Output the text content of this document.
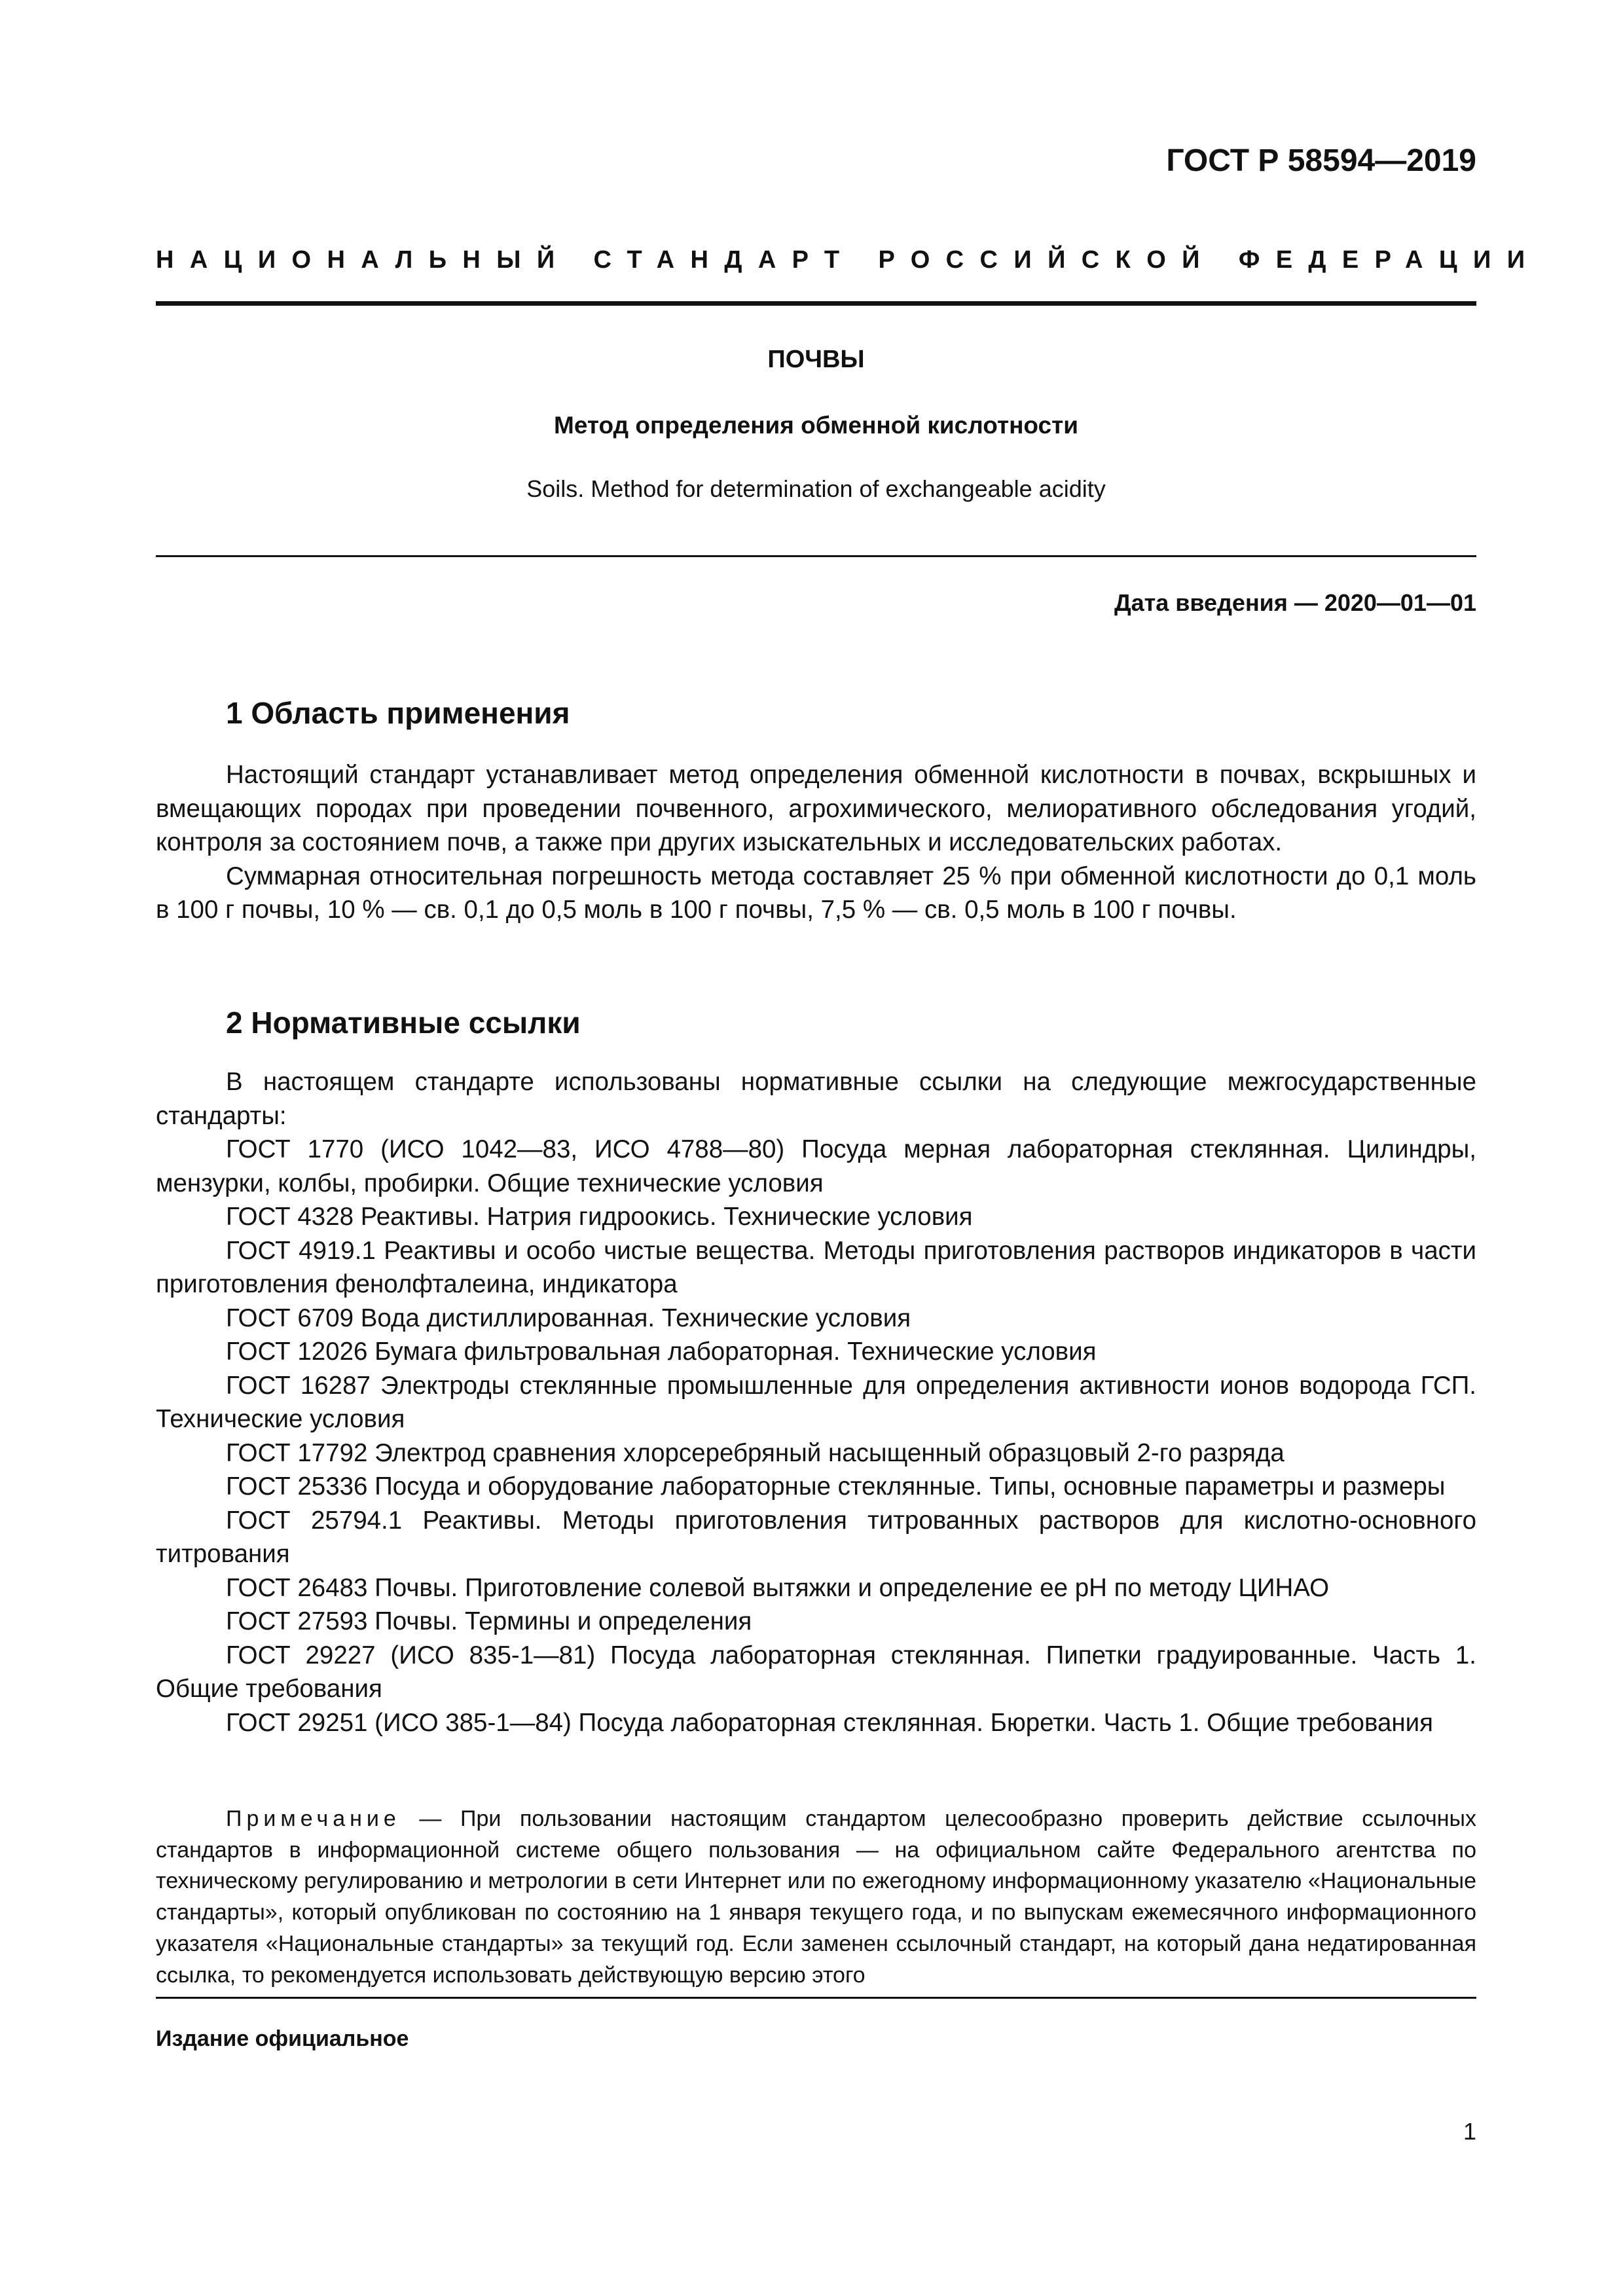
ГОСТ Р 58594—2019
НАЦИОНАЛЬНЫЙ СТАНДАРТ РОССИЙСКОЙ ФЕДЕРАЦИИ
ПОЧВЫ
Метод определения обменной кислотности
Soils. Method for determination of exchangeable acidity
Дата введения — 2020—01—01
1 Область применения

Настоящий стандарт устанавливает метод определения обменной кислотности в почвах, вскрышных и вмещающих породах при проведении почвенного, агрохимического, мелиоративного обследования угодий, контроля за состоянием почв, а также при других изыскательных и исследовательских работах.

Суммарная относительная погрешность метода составляет 25 % при обменной кислотности до 0,1 моль в 100 г почвы, 10 % — св. 0,1 до 0,5 моль в 100 г почвы, 7,5 % — св. 0,5 моль в 100 г почвы.

2 Нормативные ссылки

В настоящем стандарте использованы нормативные ссылки на следующие межгосударственные стандарты:

ГОСТ 1770 (ИСО 1042—83, ИСО 4788—80) Посуда мерная лабораторная стеклянная. Цилиндры, мензурки, колбы, пробирки. Общие технические условия

ГОСТ 4328 Реактивы. Натрия гидроокись. Технические условия

ГОСТ 4919.1 Реактивы и особо чистые вещества. Методы приготовления растворов индикаторов в части приготовления фенолфталеина, индикатора

ГОСТ 6709 Вода дистиллированная. Технические условия

ГОСТ 12026 Бумага фильтровальная лабораторная. Технические условия

ГОСТ 16287 Электроды стеклянные промышленные для определения активности ионов водорода ГСП. Технические условия

ГОСТ 17792 Электрод сравнения хлорсеребряный насыщенный образцовый 2-го разряда

ГОСТ 25336 Посуда и оборудование лабораторные стеклянные. Типы, основные параметры и размеры

ГОСТ 25794.1 Реактивы. Методы приготовления титрованных растворов для кислотно-основного титрования

ГОСТ 26483 Почвы. Приготовление солевой вытяжки и определение ее pH по методу ЦИНАО

ГОСТ 27593 Почвы. Термины и определения

ГОСТ 29227 (ИСО 835-1—81) Посуда лабораторная стеклянная. Пипетки градуированные. Часть 1. Общие требования

ГОСТ 29251 (ИСО 385-1—84) Посуда лабораторная стеклянная. Бюретки. Часть 1. Общие требования

Примечание — При пользовании настоящим стандартом целесообразно проверить действие ссылочных стандартов в информационной системе общего пользования — на официальном сайте Федерального агентства по техническому регулированию и метрологии в сети Интернет или по ежегодному информационному указателю «Национальные стандарты», который опубликован по состоянию на 1 января текущего года, и по выпускам ежемесячного информационного указателя «Национальные стандарты» за текущий год. Если заменен ссылочный стандарт, на который дана недатированная ссылка, то рекомендуется использовать действующую версию этого

Издание официальное
1
